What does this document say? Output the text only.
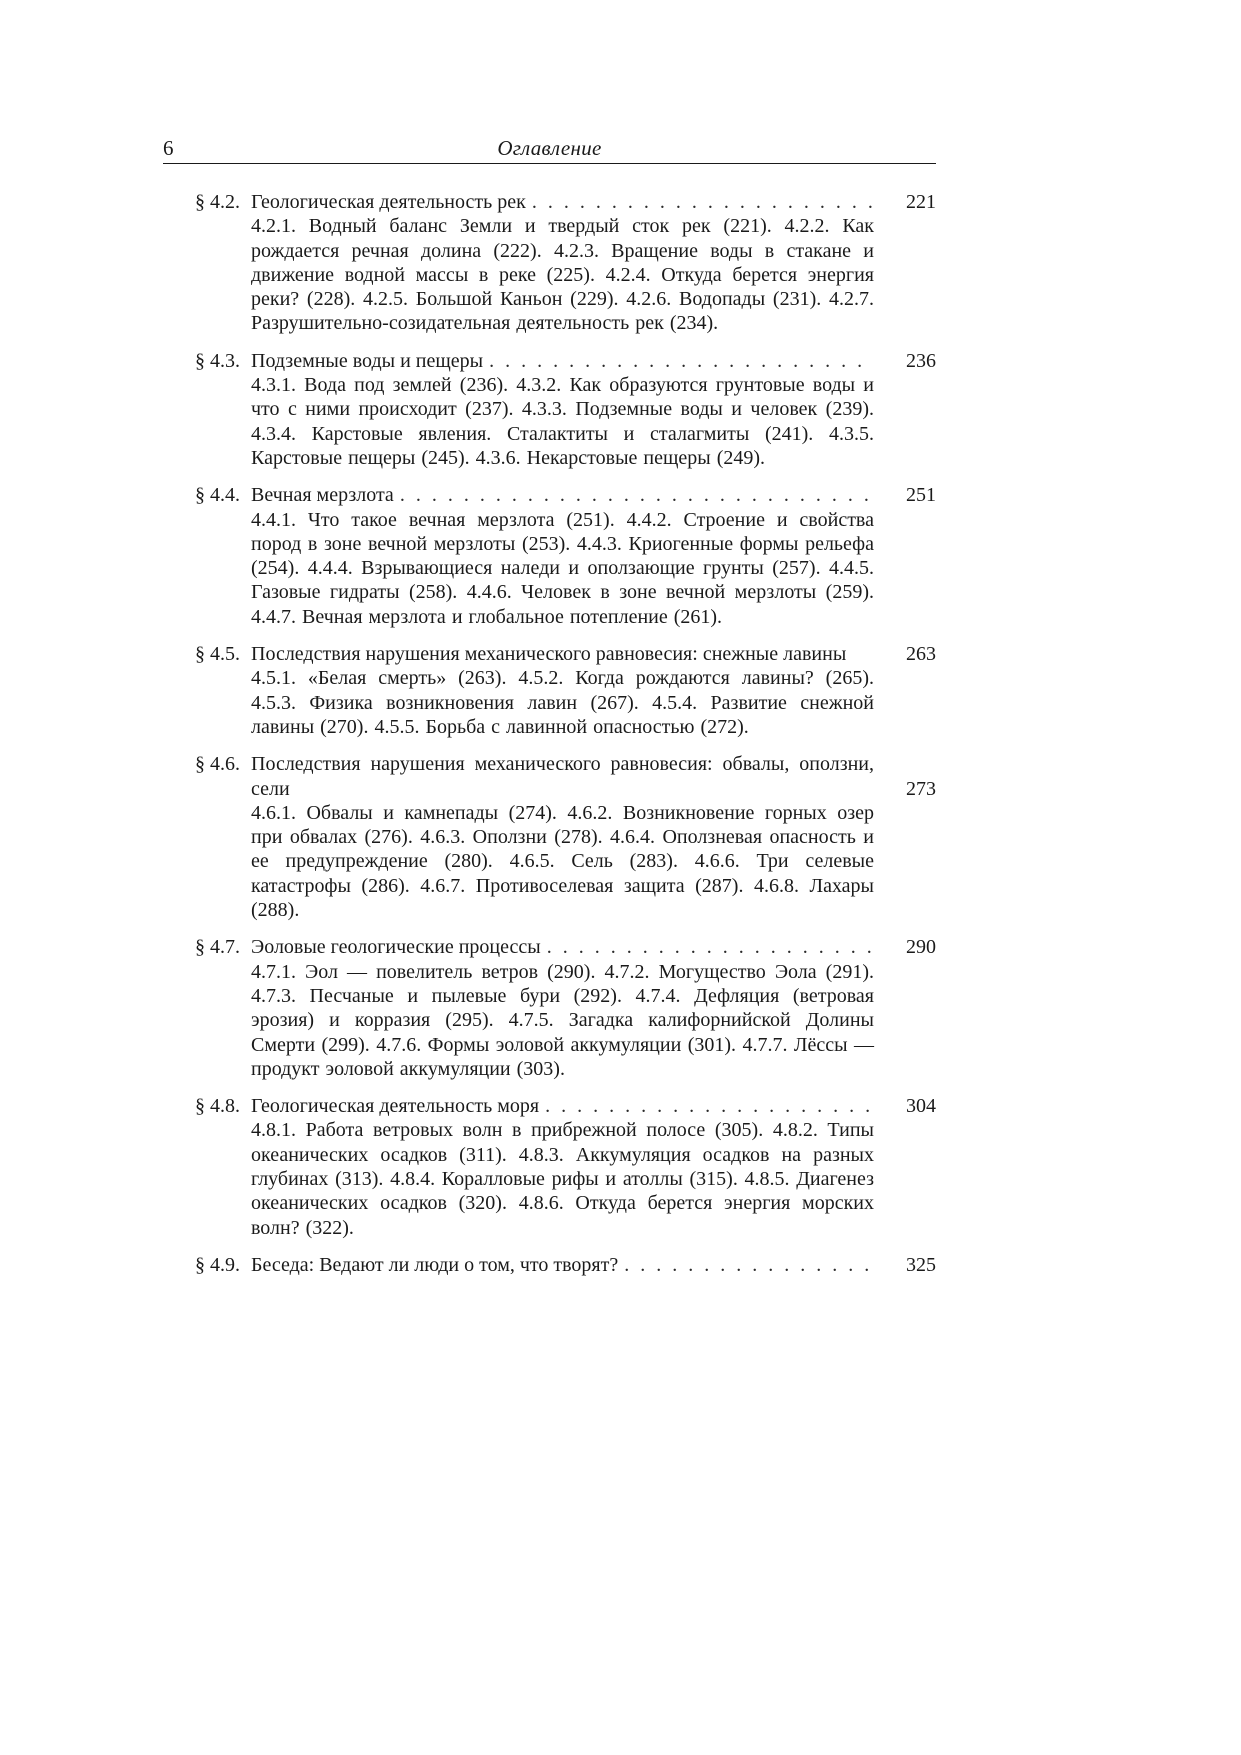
6	Оглавление
§ 4.2. Геологическая деятельность рек . . .	221
4.2.1. Водный баланс Земли и твердый сток рек (221). 4.2.2. Как рождается речная долина (222). 4.2.3. Вращение воды в стакане и движение водной массы в реке (225). 4.2.4. Откуда берется энергия реки? (228). 4.2.5. Большой Каньон (229). 4.2.6. Водопады (231). 4.2.7. Разрушительно-созидательная деятельность рек (234).
§ 4.3. Подземные воды и пещеры . . .	236
4.3.1. Вода под землей (236). 4.3.2. Как образуются грунтовые воды и что с ними происходит (237). 4.3.3. Подземные воды и человек (239). 4.3.4. Карстовые явления. Сталактиты и сталагмиты (241). 4.3.5. Карстовые пещеры (245). 4.3.6. Некарстовые пещеры (249).
§ 4.4. Вечная мерзлота . . .	251
4.4.1. Что такое вечная мерзлота (251). 4.4.2. Строение и свойства пород в зоне вечной мерзлоты (253). 4.4.3. Криогенные формы рельефа (254). 4.4.4. Взрывающиеся наледи и оползающие грунты (257). 4.4.5. Газовые гидраты (258). 4.4.6. Человек в зоне вечной мерзлоты (259). 4.4.7. Вечная мерзлота и глобальное потепление (261).
§ 4.5. Последствия нарушения механического равновесия: снежные лавины	263
4.5.1. «Белая смерть» (263). 4.5.2. Когда рождаются лавины? (265). 4.5.3. Физика возникновения лавин (267). 4.5.4. Развитие снежной лавины (270). 4.5.5. Борьба с лавинной опасностью (272).
§ 4.6. Последствия нарушения механического равновесия: обвалы, оползни, сели	273
4.6.1. Обвалы и камнепады (274). 4.6.2. Возникновение горных озер при обвалах (276). 4.6.3. Оползни (278). 4.6.4. Оползневая опасность и ее предупреждение (280). 4.6.5. Сель (283). 4.6.6. Три селевые катастрофы (286). 4.6.7. Противоселевая защита (287). 4.6.8. Лахары (288).
§ 4.7. Эоловые геологические процессы . . .	290
4.7.1. Эол — повелитель ветров (290). 4.7.2. Могущество Эола (291). 4.7.3. Песчаные и пылевые бури (292). 4.7.4. Дефляция (ветровая эрозия) и корразия (295). 4.7.5. Загадка калифорнийской Долины Смерти (299). 4.7.6. Формы эоловой аккумуляции (301). 4.7.7. Лёссы — продукт эоловой аккумуляции (303).
§ 4.8. Геологическая деятельность моря . . .	304
4.8.1. Работа ветровых волн в прибрежной полосе (305). 4.8.2. Типы океанических осадков (311). 4.8.3. Аккумуляция осадков на разных глубинах (313). 4.8.4. Коралловые рифы и атоллы (315). 4.8.5. Диагенез океанических осадков (320). 4.8.6. Откуда берется энергия морских волн? (322).
§ 4.9. Беседа: Ведают ли люди о том, что творят? . . .	325
